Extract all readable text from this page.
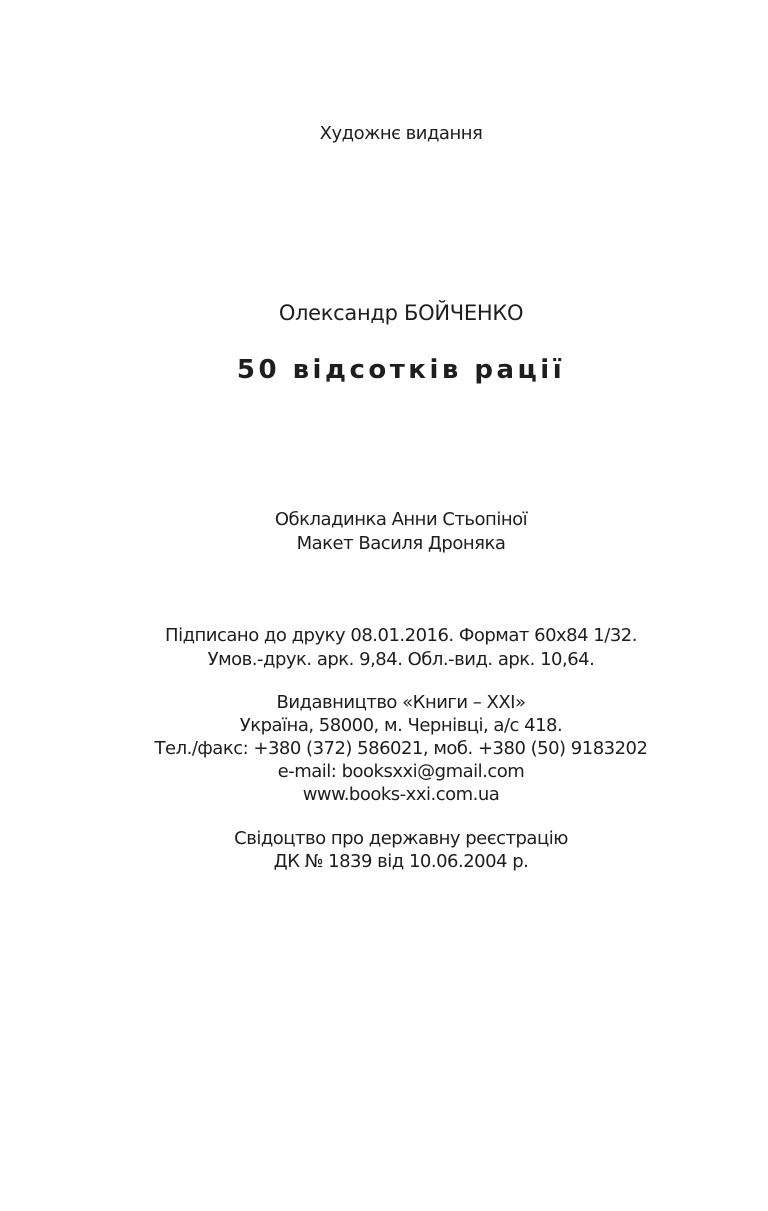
Художнє видання
Олександр БОЙЧЕНКО
50 відсотків рації
Обкладинка Анни Стьопіної
Макет Василя Дроняка
Підписано до друку 08.01.2016. Формат 60х84 1/32.
Умов.-друк. арк. 9,84. Обл.-вид. арк. 10,64.
Видавництво «Книги – ХХІ»
Україна, 58000, м. Чернівці, а/с 418.
Тел./факс: +380 (372) 586021, моб. +380 (50) 9183202
e-mail: booksxxi@gmail.com
www.books-xxi.com.ua
Свідоцтво про державну реєстрацію
ДК № 1839 від 10.06.2004 р.
